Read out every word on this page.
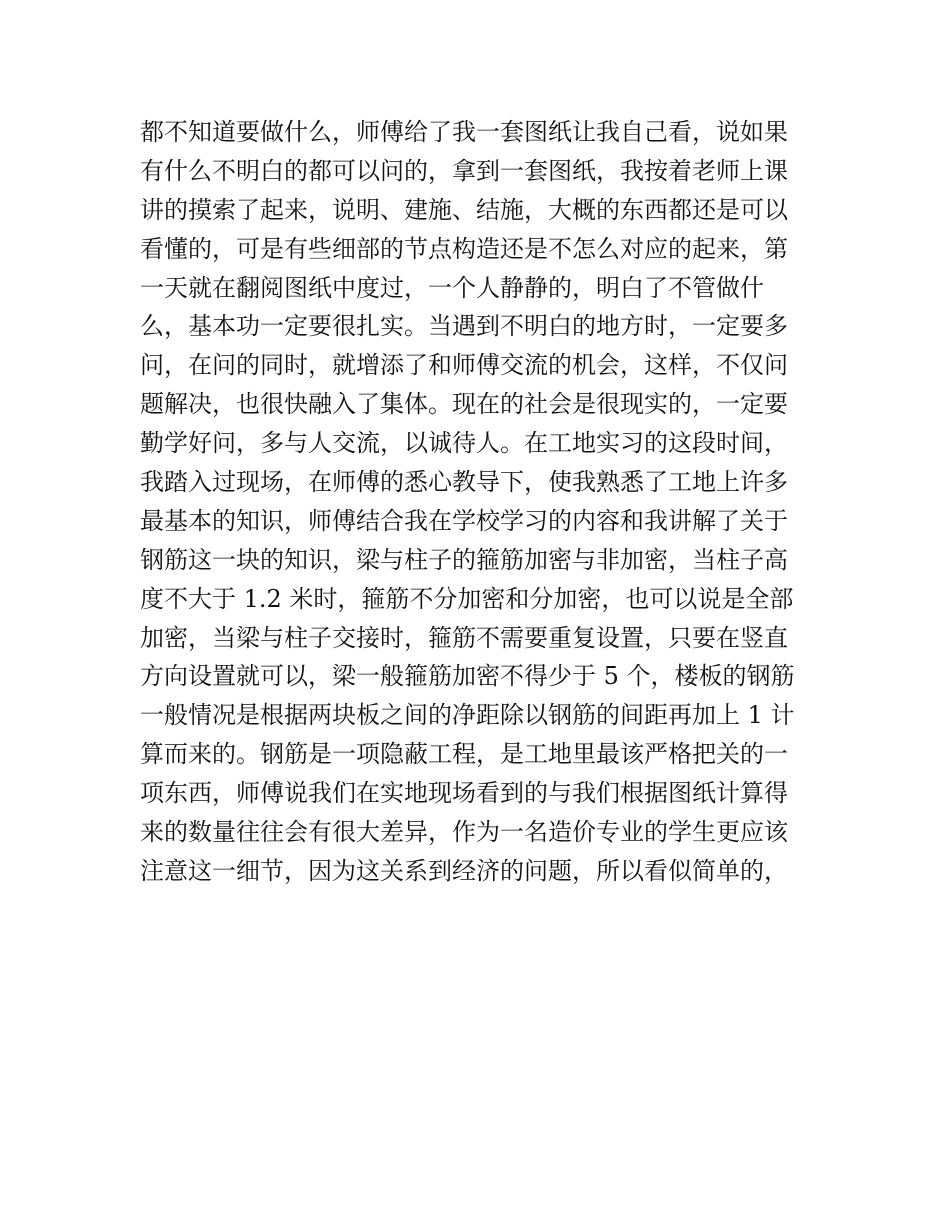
都不知道要做什么，师傅给了我一套图纸让我自己看，说如果
有什么不明白的都可以问的，拿到一套图纸，我按着老师上课
讲的摸索了起来，说明、建施、结施，大概的东西都还是可以
看懂的，可是有些细部的节点构造还是不怎么对应的起来，第
一天就在翻阅图纸中度过，一个人静静的，明白了不管做什
么，基本功一定要很扎实。当遇到不明白的地方时，一定要多
问，在问的同时，就增添了和师傅交流的机会，这样，不仅问
题解决，也很快融入了集体。现在的社会是很现实的，一定要
勤学好问，多与人交流，以诚待人。在工地实习的这段时间，
我踏入过现场，在师傅的悉心教导下，使我熟悉了工地上许多
最基本的知识，师傅结合我在学校学习的内容和我讲解了关于
钢筋这一块的知识，梁与柱子的箍筋加密与非加密，当柱子高
度不大于 1.2 米时，箍筋不分加密和分加密，也可以说是全部
加密，当梁与柱子交接时，箍筋不需要重复设置，只要在竖直
方向设置就可以，梁一般箍筋加密不得少于 5 个，楼板的钢筋
一般情况是根据两块板之间的净距除以钢筋的间距再加上 1 计
算而来的。钢筋是一项隐蔽工程，是工地里最该严格把关的一
项东西，师傅说我们在实地现场看到的与我们根据图纸计算得
来的数量往往会有很大差异，作为一名造价专业的学生更应该
注意这一细节，因为这关系到经济的问题，所以看似简单的，
